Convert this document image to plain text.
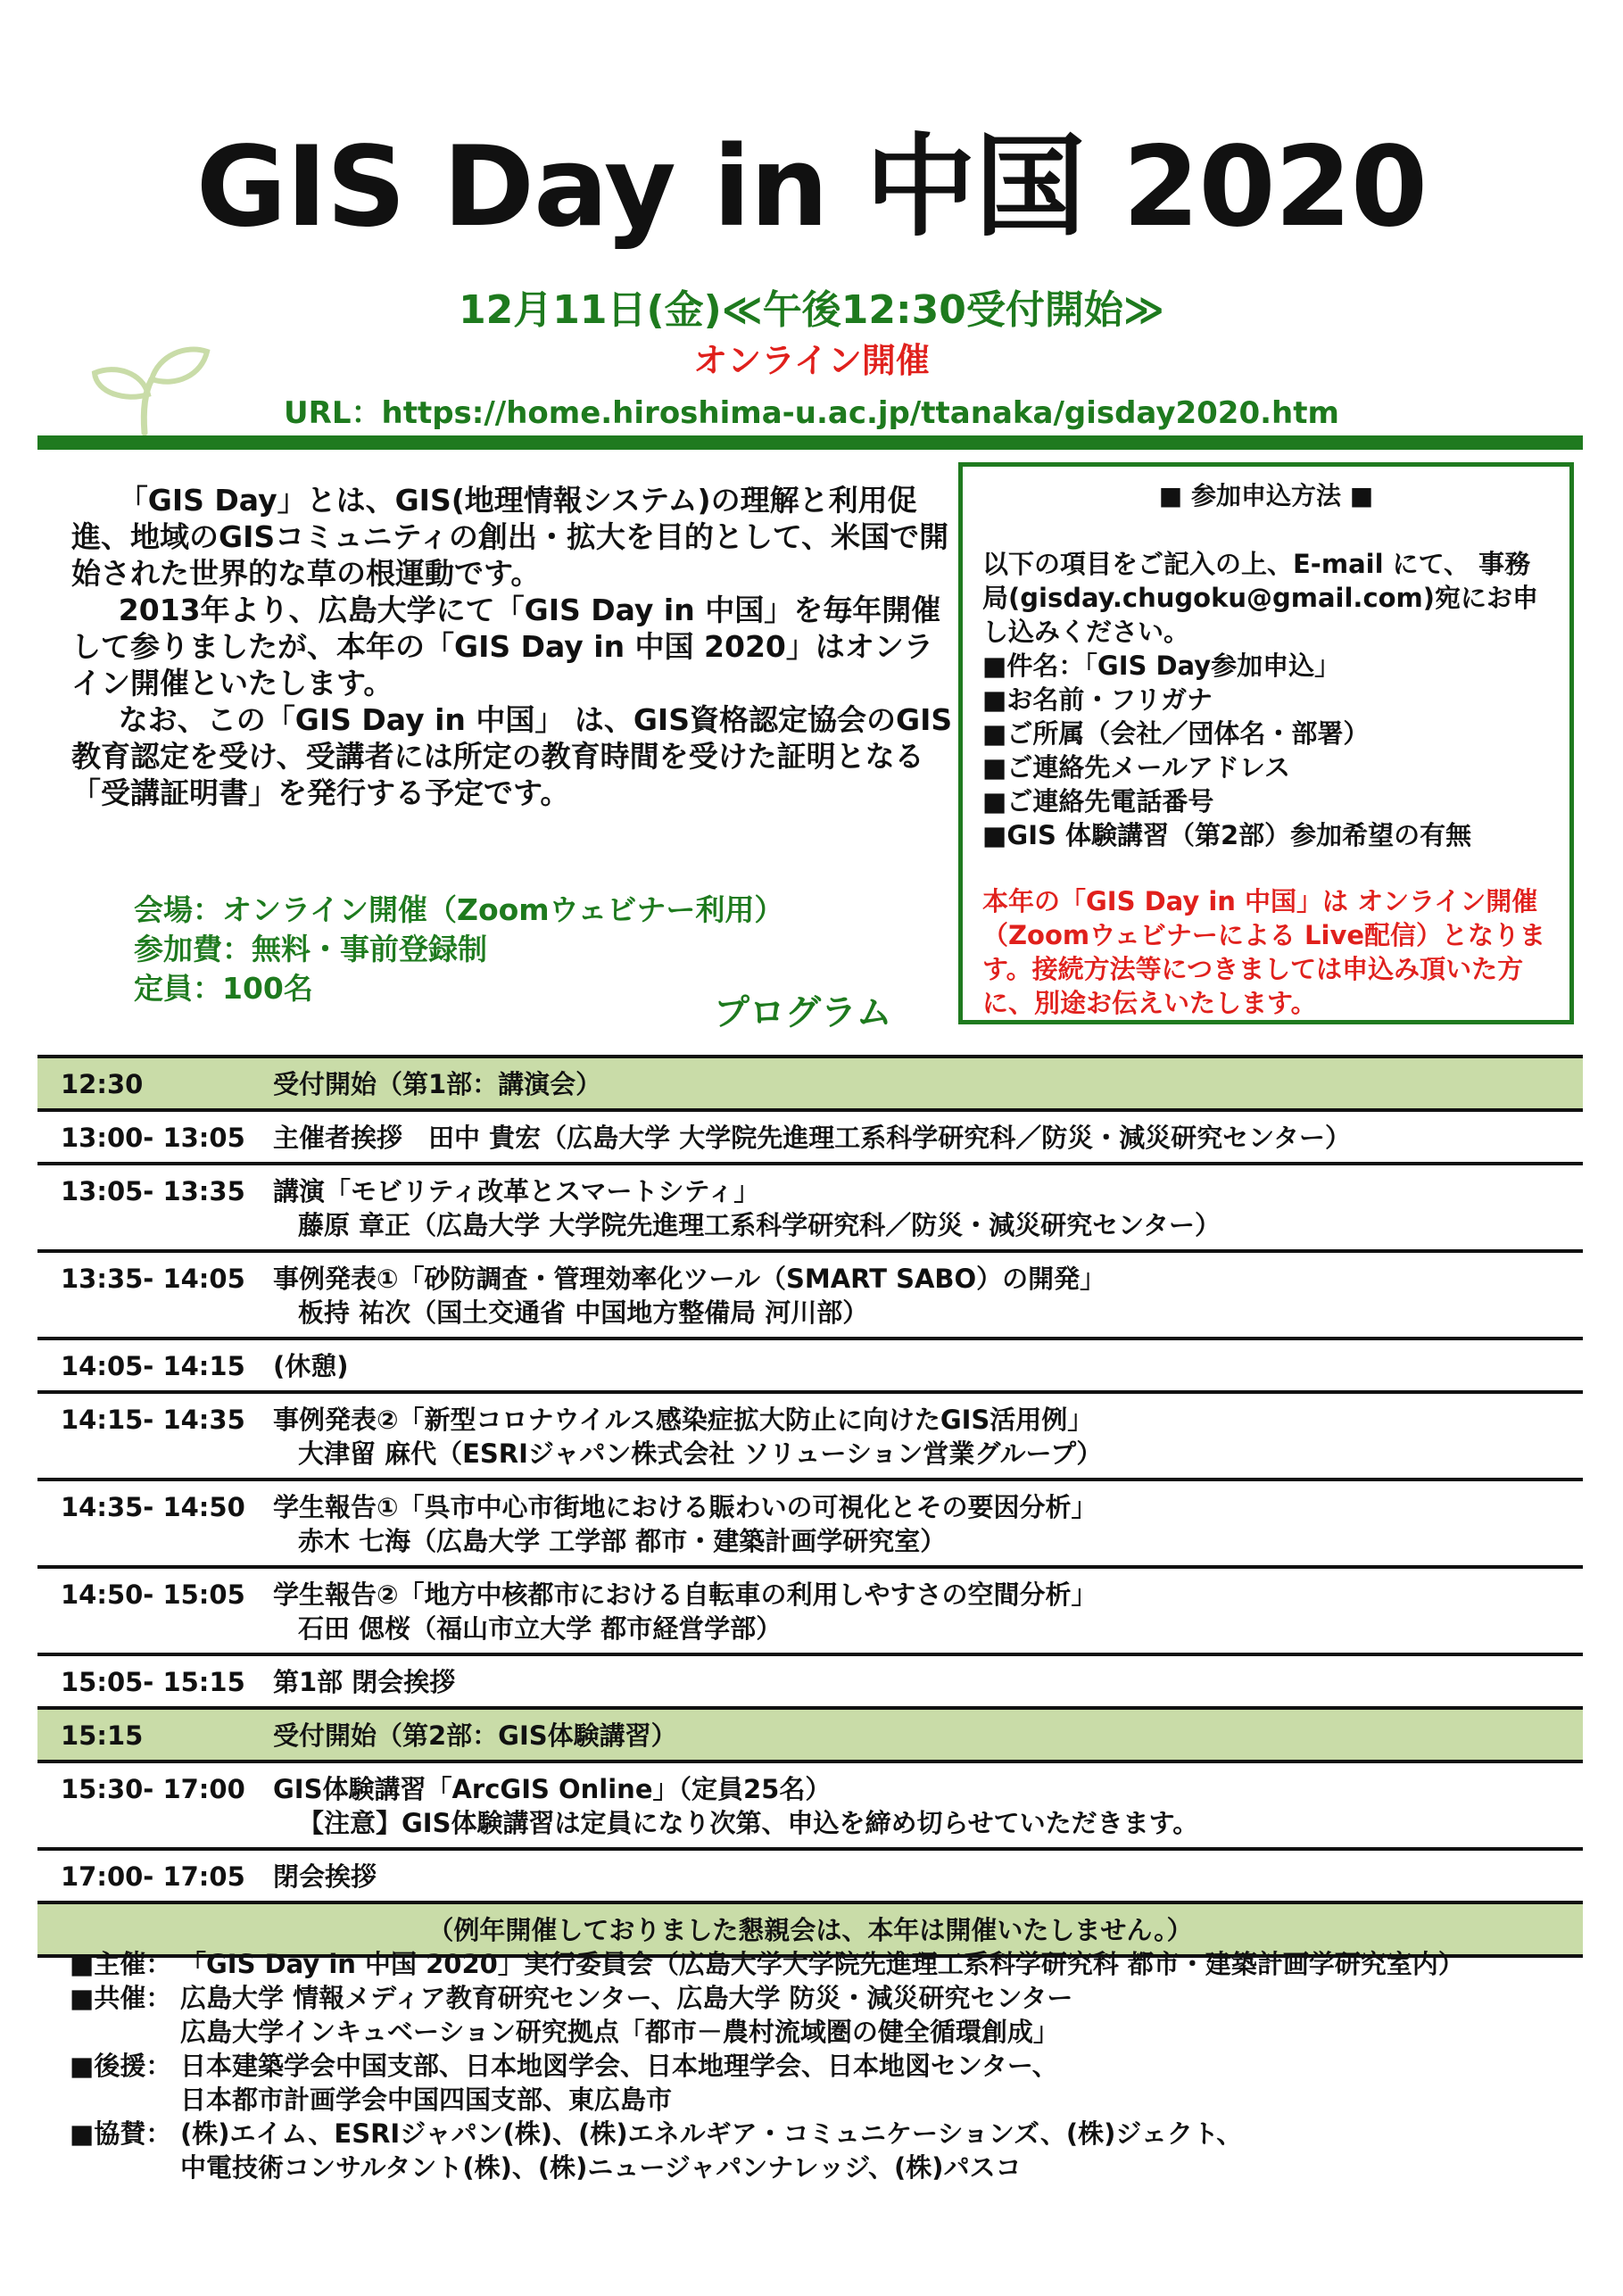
GIS Day in 中国 2020
12月11日(金)≪午後12:30受付開始≫
オンライン開催
URL：https://home.hiroshima-u.ac.jp/ttanaka/gisday2020.htm

「GIS Day」とは、GIS(地理情報システム)の理解と利用促進、地域のGISコミュニティの創出・拡大を目的として、米国で開始された世界的な草の根運動です。

2013年より、広島大学にて「GIS Day in 中国」を毎年開催して参りましたが、本年の「GIS Day in 中国 2020」はオンライン開催といたします。

なお、この「GIS Day in 中国」 は、GIS資格認定協会のGIS教育認定を受け、受講者には所定の教育時間を受けた証明となる「受講証明書」を発行する予定です。

会場：オンライン開催（Zoomウェビナー利用）
参加費：無料・事前登録制
定員：100名
プログラム
■ 参加申込方法 ■
以下の項目をご記入の上、E-mail にて、 事務局(gisday.chugoku@gmail.com)宛にお申し込みください。
■件名：「GIS Day参加申込」
■お名前・フリガナ
■ご所属（会社／団体名・部署）
■ご連絡先メールアドレス
■ご連絡先電話番号
■GIS 体験講習（第2部）参加希望の有無
本年の「GIS Day in 中国」は オンライン開催（Zoomウェビナーによる Live配信）となります。接続方法等につきましては申込み頂いた方に、別途お伝えいたします。
12:30	受付開始（第1部：講演会）
13:00- 13:05 主催者挨拶　田中 貴宏（広島大学 大学院先進理工系科学研究科／防災・減災研究センター）
13:05- 13:35 講演「モビリティ改革とスマートシティ」
藤原 章正（広島大学 大学院先進理工系科学研究科／防災・減災研究センター）
13:35- 14:05 事例発表①「砂防調査・管理効率化ツール（SMART SABO）の開発」
板持 祐次（国土交通省 中国地方整備局 河川部）
14:05- 14:15 (休憩)
14:15- 14:35 事例発表②「新型コロナウイルス感染症拡大防止に向けたGIS活用例」
大津留 麻代（ESRIジャパン株式会社 ソリューション営業グループ）
14:35- 14:50 学生報告①「呉市中心市街地における賑わいの可視化とその要因分析」
赤木 七海（広島大学 工学部 都市・建築計画学研究室）
14:50- 15:05 学生報告②「地方中核都市における自転車の利用しやすさの空間分析」
石田 偲桜（福山市立大学 都市経営学部）
15:05- 15:15 第1部 閉会挨拶
15:15	受付開始（第2部：GIS体験講習）
15:30- 17:00 GIS体験講習「ArcGIS Online」（定員25名）
【注意】GIS体験講習は定員になり次第、申込を締め切らせていただきます。
17:00- 17:05 閉会挨拶
（例年開催しておりました懇親会は、本年は開催いたしません。）
■主催： 「GIS Day in 中国 2020」実行委員会（広島大学大学院先進理工系科学研究科 都市・建築計画学研究室内）
■共催： 広島大学 情報メディア教育研究センター、広島大学 防災・減災研究センター
広島大学インキュベーション研究拠点「都市－農村流域圏の健全循環創成」
■後援： 日本建築学会中国支部、日本地図学会、日本地理学会、日本地図センター、
日本都市計画学会中国四国支部、東広島市
■協賛： (株)エイム、ESRIジャパン(株)、(株)エネルギア・コミュニケーションズ、(株)ジェクト、
中電技術コンサルタント(株)、(株)ニュージャパンナレッジ、(株)パスコ
